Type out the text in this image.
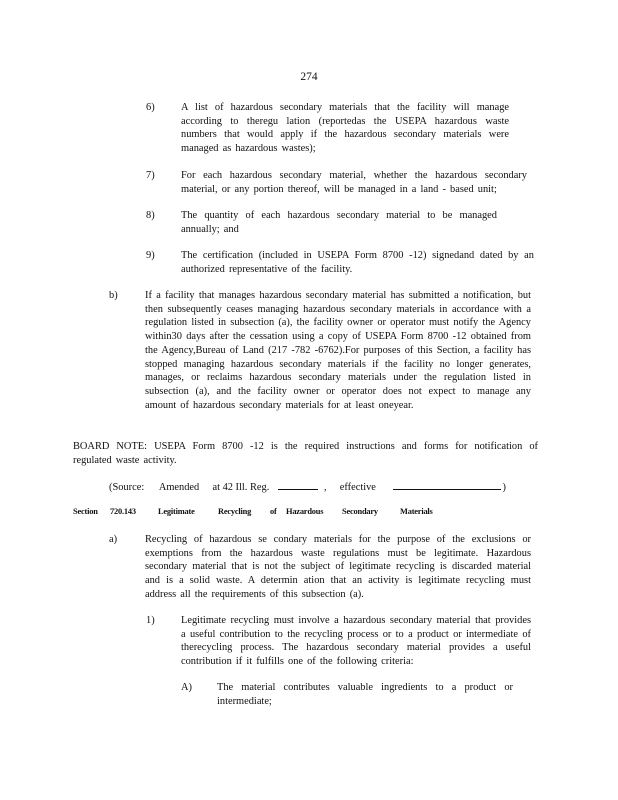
274
6)	A list of hazardous secondary materials that the facility will manage according to theregu lation (reportedas the USEPA hazardous waste numbers that would apply if the hazardous secondary materials were managed as hazardous wastes);
7)	For each hazardous secondary material, whether the hazardous secondary material, or any portion thereof, will be managed in a land - based unit;
8)	The quantity of each hazardous secondary material to be managed annually; and
9)	The certification (included in USEPA Form 8700 -12) signedand dated by an authorized representative of the facility.
b)	If a facility that manages hazardous secondary material has submitted a notification, but then subsequently ceases managing hazardous secondary materials in accordance with a regulation listed in subsection (a), the facility owner or operator must notify the Agency within30 days after the cessation using a copy of USEPA Form 8700 -12 obtained from the Agency,Bureau of Land (217 -782 -6762).For purposes of this Section, a facility has stopped managing hazardous secondary materials if the facility no longer generates, manages, or reclaims hazardous secondary materials under the regulation listed in subsection (a), and the facility owner or operator does not expect to manage any amount of hazardous secondary materials for at least oneyear.
BOARD NOTE: USEPA Form 8700 -12 is the required instructions and forms for notification of regulated waste activity.
(Source: Amended at 42 Ill. Reg.	, effective	)
Section 720.143	Legitimate	Recycling of Hazardous Secondary	Materials
a)	Recycling of hazardous se condary materials for the purpose of the exclusions or exemptions from the hazardous waste regulations must be legitimate. Hazardous secondary material that is not the subject of legitimate recycling is discarded material and is a solid waste. A determin ation that an activity is legitimate recycling must address all the requirements of this subsection (a).
1)	Legitimate recycling must involve a hazardous secondary material that provides a useful contribution to the recycling process or to a product or intermediate of therecycling process. The hazardous secondary material provides a useful contribution if it fulfills one of the following criteria:
A) The material contributes valuable ingredients to a product or intermediate;
